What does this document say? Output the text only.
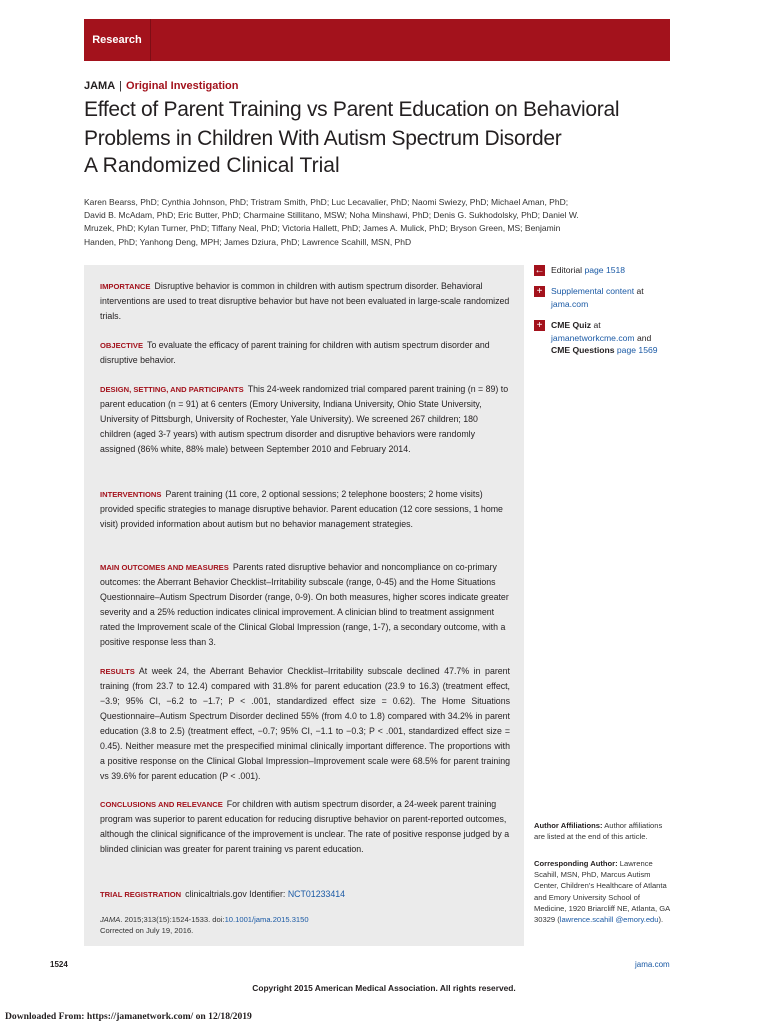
Research
JAMA | Original Investigation
Effect of Parent Training vs Parent Education on Behavioral Problems in Children With Autism Spectrum Disorder
A Randomized Clinical Trial
Karen Bearss, PhD; Cynthia Johnson, PhD; Tristram Smith, PhD; Luc Lecavalier, PhD; Naomi Swiezy, PhD; Michael Aman, PhD; David B. McAdam, PhD; Eric Butter, PhD; Charmaine Stillitano, MSW; Noha Minshawi, PhD; Denis G. Sukhodolsky, PhD; Daniel W. Mruzek, PhD; Kylan Turner, PhD; Tiffany Neal, PhD; Victoria Hallett, PhD; James A. Mulick, PhD; Bryson Green, MS; Benjamin Handen, PhD; Yanhong Deng, MPH; James Dziura, PhD; Lawrence Scahill, MSN, PhD
IMPORTANCE Disruptive behavior is common in children with autism spectrum disorder. Behavioral interventions are used to treat disruptive behavior but have not been evaluated in large-scale randomized trials.
OBJECTIVE To evaluate the efficacy of parent training for children with autism spectrum disorder and disruptive behavior.
DESIGN, SETTING, AND PARTICIPANTS This 24-week randomized trial compared parent training (n = 89) to parent education (n = 91) at 6 centers (Emory University, Indiana University, Ohio State University, University of Pittsburgh, University of Rochester, Yale University). We screened 267 children; 180 children (aged 3-7 years) with autism spectrum disorder and disruptive behaviors were randomly assigned (86% white, 88% male) between September 2010 and February 2014.
INTERVENTIONS Parent training (11 core, 2 optional sessions; 2 telephone boosters; 2 home visits) provided specific strategies to manage disruptive behavior. Parent education (12 core sessions, 1 home visit) provided information about autism but no behavior management strategies.
MAIN OUTCOMES AND MEASURES Parents rated disruptive behavior and noncompliance on co-primary outcomes: the Aberrant Behavior Checklist–Irritability subscale (range, 0-45) and the Home Situations Questionnaire–Autism Spectrum Disorder (range, 0-9). On both measures, higher scores indicate greater severity and a 25% reduction indicates clinical improvement. A clinician blind to treatment assignment rated the Improvement scale of the Clinical Global Impression (range, 1-7), a secondary outcome, with a positive response less than 3.
RESULTS At week 24, the Aberrant Behavior Checklist–Irritability subscale declined 47.7% in parent training (from 23.7 to 12.4) compared with 31.8% for parent education (23.9 to 16.3) (treatment effect, −3.9; 95% CI, −6.2 to −1.7; P < .001, standardized effect size = 0.62). The Home Situations Questionnaire–Autism Spectrum Disorder declined 55% (from 4.0 to 1.8) compared with 34.2% in parent education (3.8 to 2.5) (treatment effect, −0.7; 95% CI, −1.1 to −0.3; P < .001, standardized effect size = 0.45). Neither measure met the prespecified minimal clinically important difference. The proportions with a positive response on the Clinical Global Impression–Improvement scale were 68.5% for parent training vs 39.6% for parent education (P < .001).
CONCLUSIONS AND RELEVANCE For children with autism spectrum disorder, a 24-week parent training program was superior to parent education for reducing disruptive behavior on parent-reported outcomes, although the clinical significance of the improvement is unclear. The rate of positive response judged by a blinded clinician was greater for parent training vs parent education.
TRIAL REGISTRATION clinicaltrials.gov Identifier: NCT01233414
JAMA. 2015;313(15):1524-1533. doi:10.1001/jama.2015.3150
Corrected on July 19, 2016.
← Editorial page 1518
+ Supplemental content at
jama.com
+ CME Quiz at
jamanetworkcme.com and
CME Questions page 1569
Author Affiliations: Author affiliations are listed at the end of this article.
Corresponding Author: Lawrence Scahill, MSN, PhD, Marcus Autism Center, Children's Healthcare of Atlanta and Emory University School of Medicine, 1920 Briarcliff NE, Atlanta, GA 30329 (lawrence.scahill @emory.edu).
1524	jama.com
Copyright 2015 American Medical Association. All rights reserved.
Downloaded From: https://jamanetwork.com/ on 12/18/2019
